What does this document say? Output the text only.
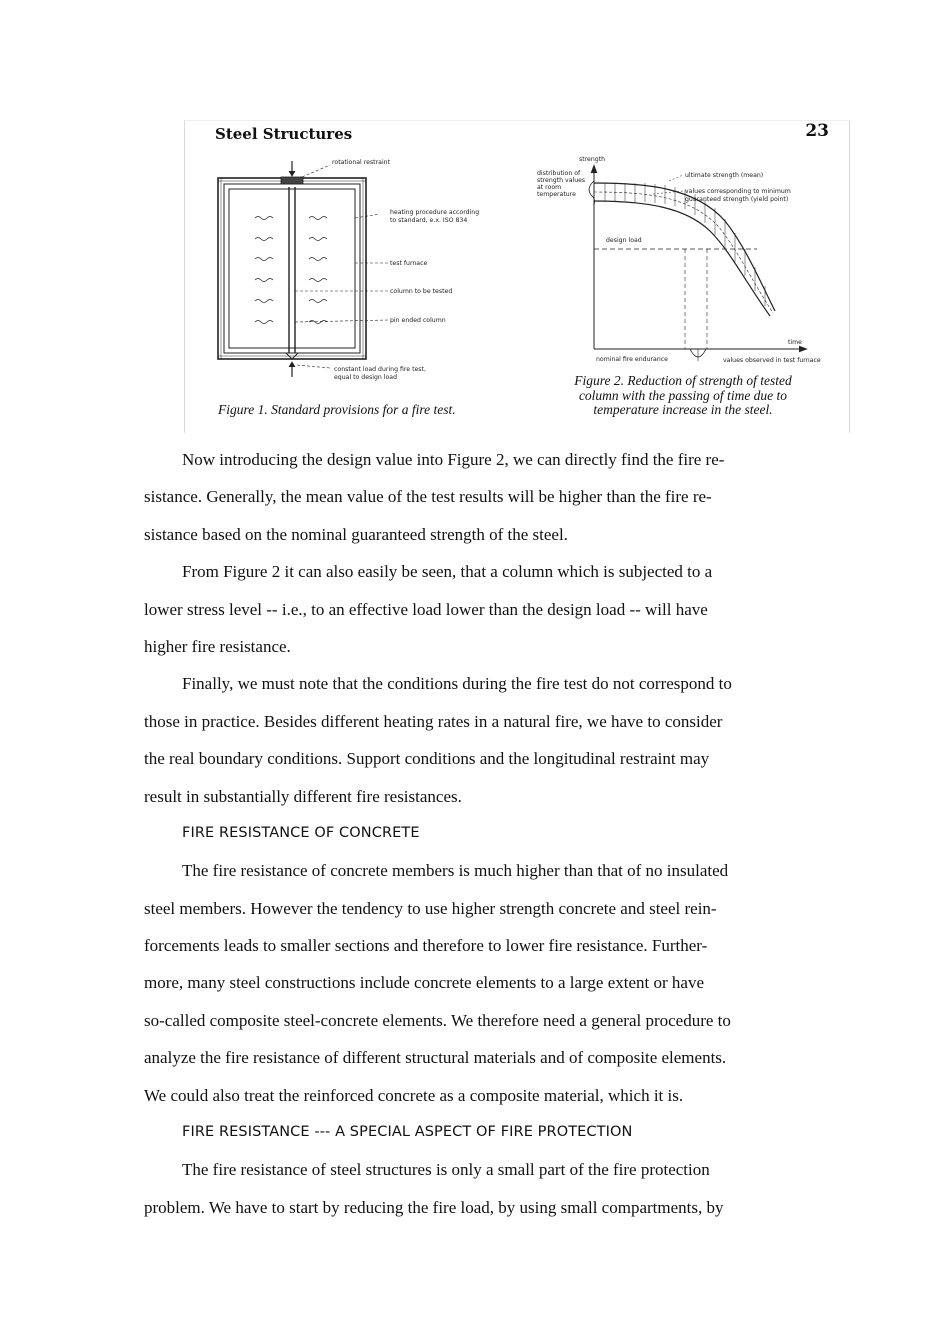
rotational restraint
heating procedure according
to standard, e.x. ISO 834
test furnace
column to be tested
pin ended column
constant load during fire test,
equal to design load
strength
distribution of
strength values
at room
temperature
ultimate strength (mean)
values corresponding to minimum
guaranteed strength (yield point)
design load
time
nominal fire endurance	values observed in test furnace
Steel Structures	23
Figure 1. Standard provisions for a fire test.
Figure 2. Reduction of strength of tested
column with the passing of time due to
temperature increase in the steel.
Now introducing the design value into Figure 2, we can directly find the fire re-
sistance. Generally, the mean value of the test results will be higher than the fire re-
sistance based on the nominal guaranteed strength of the steel.
From Figure 2 it can also easily be seen, that a column which is subjected to a
lower stress level -- i.e., to an effective load lower than the design load -- will have
higher fire resistance.
Finally, we must note that the conditions during the fire test do not correspond to
those in practice. Besides different heating rates in a natural fire, we have to consider
the real boundary conditions. Support conditions and the longitudinal restraint may
result in substantially different fire resistances.
FIRE RESISTANCE OF CONCRETE
The fire resistance of concrete members is much higher than that of no insulated
steel members. However the tendency to use higher strength concrete and steel rein-
forcements leads to smaller sections and therefore to lower fire resistance. Further-
more, many steel constructions include concrete elements to a large extent or have
so-called composite steel-concrete elements. We therefore need a general procedure to
analyze the fire resistance of different structural materials and of composite elements.
We could also treat the reinforced concrete as a composite material, which it is.
FIRE RESISTANCE --- A SPECIAL ASPECT OF FIRE PROTECTION
The fire resistance of steel structures is only a small part of the fire protection
problem. We have to start by reducing the fire load, by using small compartments, by
